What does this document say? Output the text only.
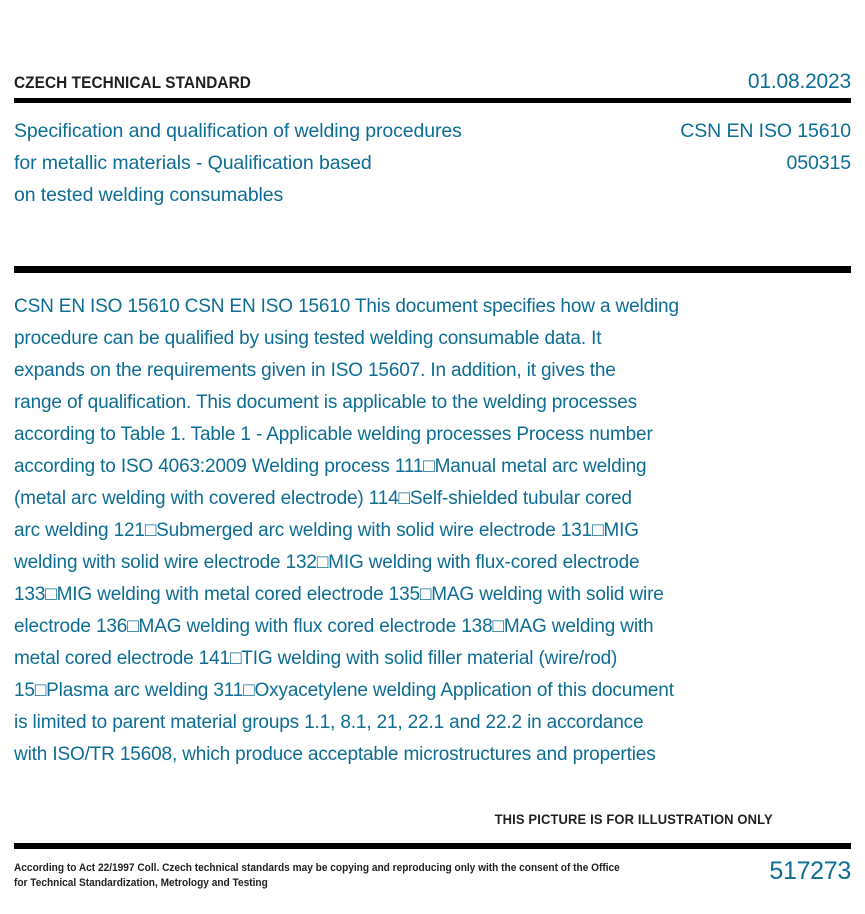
CZECH TECHNICAL STANDARD	01.08.2023
Specification and qualification of welding procedures
for metallic materials - Qualification based
on tested welding consumables
CSN EN ISO 15610
050315
CSN EN ISO 15610 CSN EN ISO 15610 This document specifies how a welding
procedure can be qualified by using tested welding consumable data. It
expands on the requirements given in ISO 15607. In addition, it gives the
range of qualification. This document is applicable to the welding processes
according to Table 1. Table 1 - Applicable welding processes Process number
according to ISO 4063:2009 Welding process 111□Manual metal arc welding
(metal arc welding with covered electrode) 114□Self-shielded tubular cored
arc welding 121□Submerged arc welding with solid wire electrode 131□MIG
welding with solid wire electrode 132□MIG welding with flux-cored electrode
133□MIG welding with metal cored electrode 135□MAG welding with solid wire
electrode 136□MAG welding with flux cored electrode 138□MAG welding with
metal cored electrode 141□TIG welding with solid filler material (wire/rod)
15□Plasma arc welding 311□Oxyacetylene welding Application of this document
is limited to parent material groups 1.1, 8.1, 21, 22.1 and 22.2 in accordance
with ISO/TR 15608, which produce acceptable microstructures and properties
THIS PICTURE IS FOR ILLUSTRATION ONLY
According to Act 22/1997 Coll. Czech technical standards may be copying and reproducing only with the consent of the Office
for Technical Standardization, Metrology and Testing	517273
